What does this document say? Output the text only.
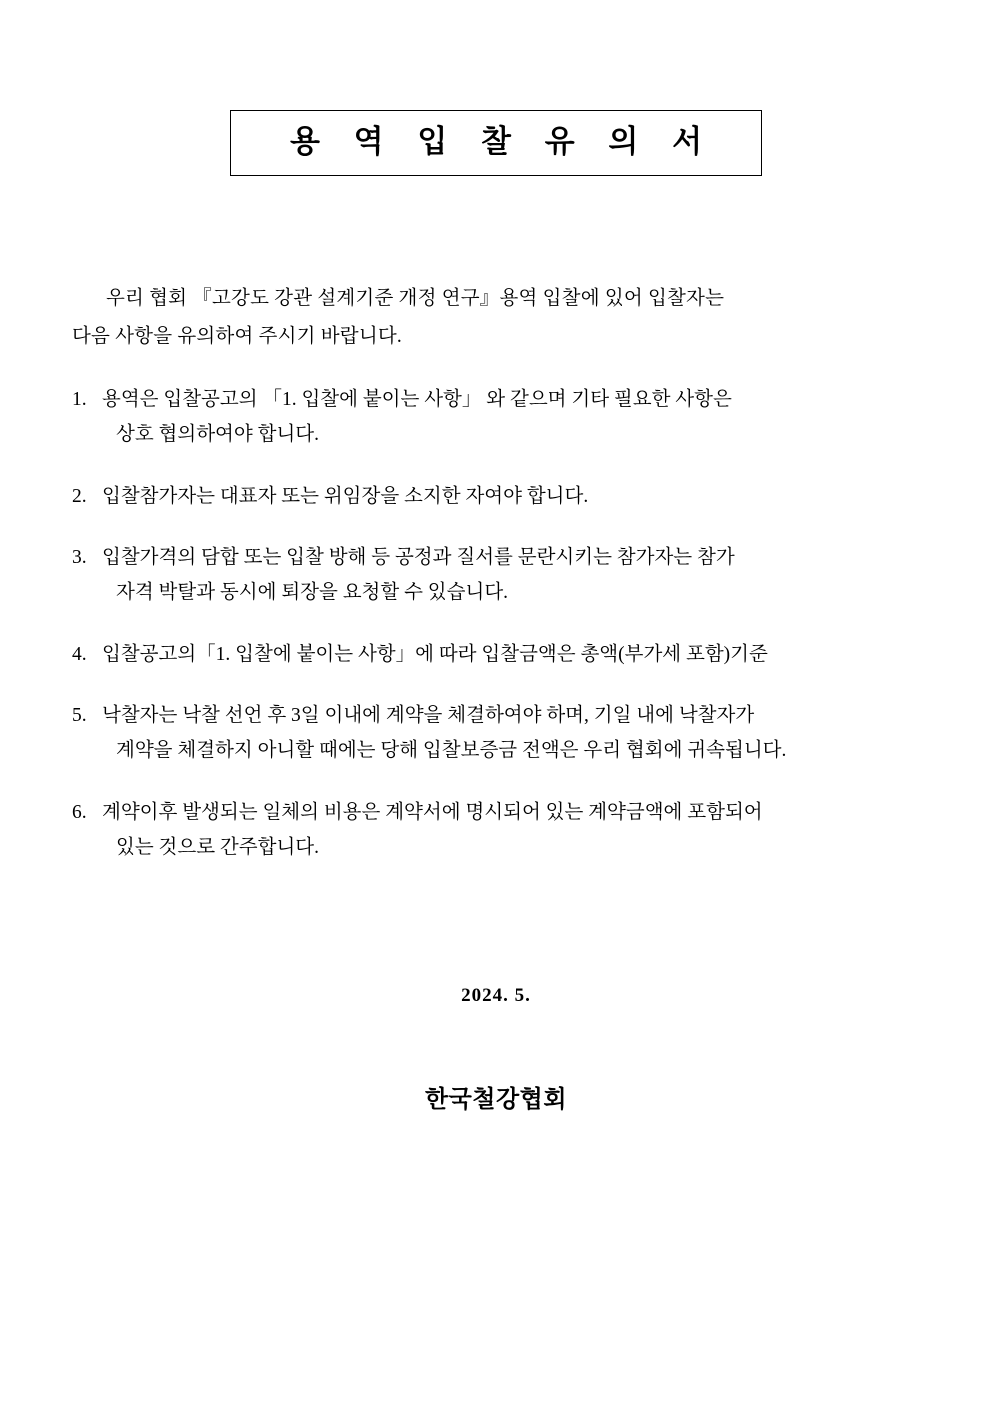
용 역 입 찰 유 의 서
우리 협회 『고강도 강관 설계기준 개정 연구』용역 입찰에 있어 입찰자는
다음 사항을 유의하여 주시기 바랍니다.
1. 용역은 입찰공고의 「1. 입찰에 붙이는 사항」 와 같으며 기타 필요한 사항은
상호 협의하여야 합니다.
2. 입찰참가자는 대표자 또는 위임장을 소지한 자여야 합니다.
3. 입찰가격의 담합 또는 입찰 방해 등 공정과 질서를 문란시키는 참가자는 참가
자격 박탈과 동시에 퇴장을 요청할 수 있습니다.
4. 입찰공고의「1. 입찰에 붙이는 사항」에 따라 입찰금액은 총액(부가세 포함)기준
5. 낙찰자는 낙찰 선언 후 3일 이내에 계약을 체결하여야 하며, 기일 내에 낙찰자가
계약을 체결하지 아니할 때에는 당해 입찰보증금 전액은 우리 협회에 귀속됩니다.
6. 계약이후 발생되는 일체의 비용은 계약서에 명시되어 있는 계약금액에 포함되어
있는 것으로 간주합니다.
2024. 5.
한국철강협회
